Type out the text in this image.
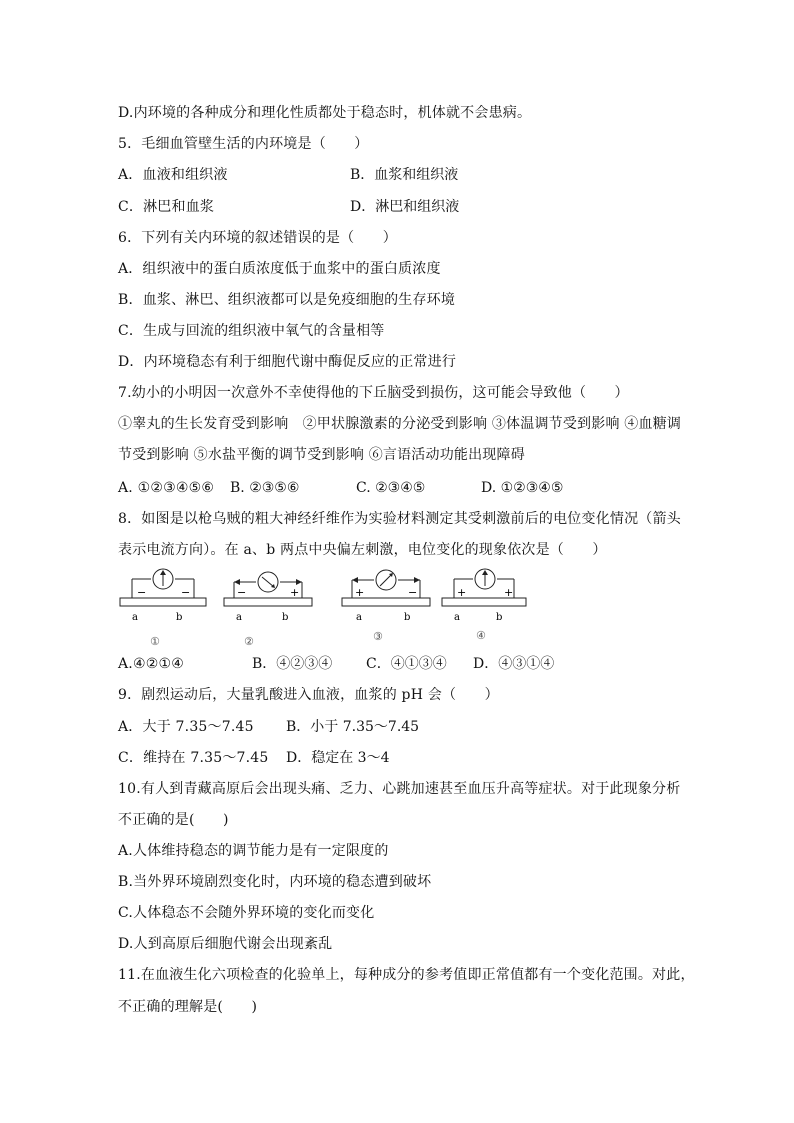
D.内环境的各种成分和理化性质都处于稳态时，机体就不会患病。
5．毛细血管壁生活的内环境是（　　）
A．血液和组织液	B．血浆和组织液
C．淋巴和血浆	D．淋巴和组织液
6．下列有关内环境的叙述错误的是（　　）
A．组织液中的蛋白质浓度低于血浆中的蛋白质浓度
B．血浆、淋巴、组织液都可以是免疫细胞的生存环境
C．生成与回流的组织液中氧气的含量相等
D．内环境稳态有利于细胞代谢中酶促反应的正常进行
7.幼小的小明因一次意外不幸使得他的下丘脑受到损伤，这可能会导致他（　　）
①睾丸的生长发育受到影响　②甲状腺激素的分泌受到影响 ③体温调节受到影响 ④血糖调
节受到影响 ⑤水盐平衡的调节受到影响 ⑥言语活动功能出现障碍
A. ①②③④⑤⑥ B. ②③⑤⑥	C. ②③④⑤	D. ①②③④⑤
8．如图是以枪乌贼的粗大神经纤维作为实验材料测定其受刺激前后的电位变化情况（箭头
表示电流方向）。在 a、b 两点中央偏左刺激，电位变化的现象依次是（　　）
−	−
a	b
①
−	+
a	b
②
+	−
a	b
③
+	+
a	b
④
A.④②①④	B．④②③④ C．④①③④ D．④③①④
9．剧烈运动后，大量乳酸进入血液，血浆的 pH 会（　　）
A．大于 7.35～7.45 B．小于 7.35～7.45
C．维持在 7.35～7.45 D．稳定在 3～4
10.有人到青藏高原后会出现头痛、乏力、心跳加速甚至血压升高等症状。对于此现象分析
不正确的是(　　)
A.人体维持稳态的调节能力是有一定限度的
B.当外界环境剧烈变化时，内环境的稳态遭到破坏
C.人体稳态不会随外界环境的变化而变化
D.人到高原后细胞代谢会出现紊乱
11.在血液生化六项检查的化验单上，每种成分的参考值即正常值都有一个变化范围。对此，
不正确的理解是(　　)
